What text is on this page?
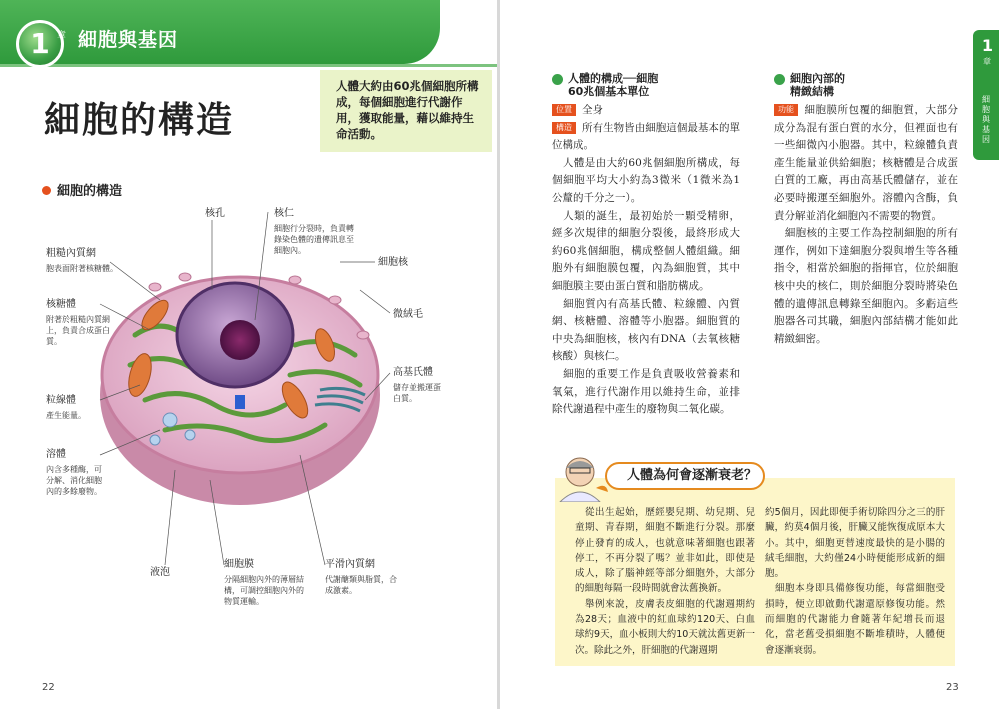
1 章 細胞與基因
細胞的構造
人體大約由60兆個細胞所構成，每個細胞進行代謝作用，獲取能量，藉以維持生命活動。
細胞的構造
粗糙內質網
胞表面附著核糖體。
核糖體
附著於粗糙內質網上，負責合成蛋白質。
粒線體
產生能量。
溶體
內含多種酶，可分解、消化細胞內的多餘廢物。
核孔	核仁
細胞行分裂時，負責轉錄染色體的遺傳訊息至細胞內。
細胞核
微絨毛
高基氏體
儲存並搬運蛋白質。
液泡
細胞膜
分隔細胞內外的薄層結構，可調控細胞內外的物質運輸。
平滑內質網
代謝醣類與脂質，合成激素。
22
1
章
細胞與基因
人體的構成──細胞
60兆個基本單位

位置 全身

構造 所有生物皆由細胞這個最基本的單位構成。

　人體是由大約60兆個細胞所構成，每個細胞平均大小約為3微米（1微米為1公釐的千分之一）。

　人類的誕生，最初始於一顆受精卵，經多次規律的細胞分裂後，最終形成大約60兆個細胞，構成整個人體組織。細胞外有細胞膜包覆，內為細胞質，其中細胞膜主要由蛋白質和脂肪構成。

　細胞質內有高基氏體、粒線體、內質網、核糖體、溶體等小胞器。細胞質的中央為細胞核，核內有DNA（去氧核糖核酸）與核仁。

　細胞的重要工作是負責吸收營養素和氧氣，進行代謝作用以維持生命，並排除代謝過程中產生的廢物與二氧化碳。

細胞內部的
精緻結構

功能 細胞膜所包覆的細胞質，大部分成分為混有蛋白質的水分，但裡面也有一些細微內小胞器。其中，粒線體負責產生能量並供給細胞；核糖體是合成蛋白質的工廠，再由高基氏體儲存，並在必要時搬運至細胞外。溶體內含酶，負責分解並消化細胞內不需要的物質。

　細胞核的主要工作為控制細胞的所有運作，例如下達細胞分裂與增生等各種指令，相當於細胞的指揮官，位於細胞核中央的核仁，則於細胞分裂時將染色體的遺傳訊息轉錄至細胞內。多虧這些胞器各司其職，細胞內部結構才能如此精緻細密。

23
人體為何會逐漸衰老？
　從出生起始，歷經嬰兒期、幼兒期、兒童期、青春期，細胞不斷進行分裂。那麼停止發育的成人，也就意味著細胞也跟著停工，不再分裂了嗎？並非如此，即使是成人，除了腦神經等部分細胞外，大部分的細胞每隔一段時間就會汰舊換新。
　舉例來說，皮膚表皮細胞的代謝週期約為28天；血液中的紅血球約120天、白血球約9天，血小板則大約10天就汰舊更新一次。除此之外，肝細胞的代謝週期
約5個月，因此即便手術切除四分之三的肝臟，約莫4個月後，肝臟又能恢復成原本大小。其中，細胞更替速度最快的是小腸的絨毛細胞，大約僅24小時便能形成新的細胞。
　細胞本身即具備修復功能，每當細胞受損時，便立即啟動代謝還原修復功能。然而細胞的代謝能力會隨著年紀增長而退化，當老舊受損細胞不斷堆積時，人體便會逐漸衰弱。
